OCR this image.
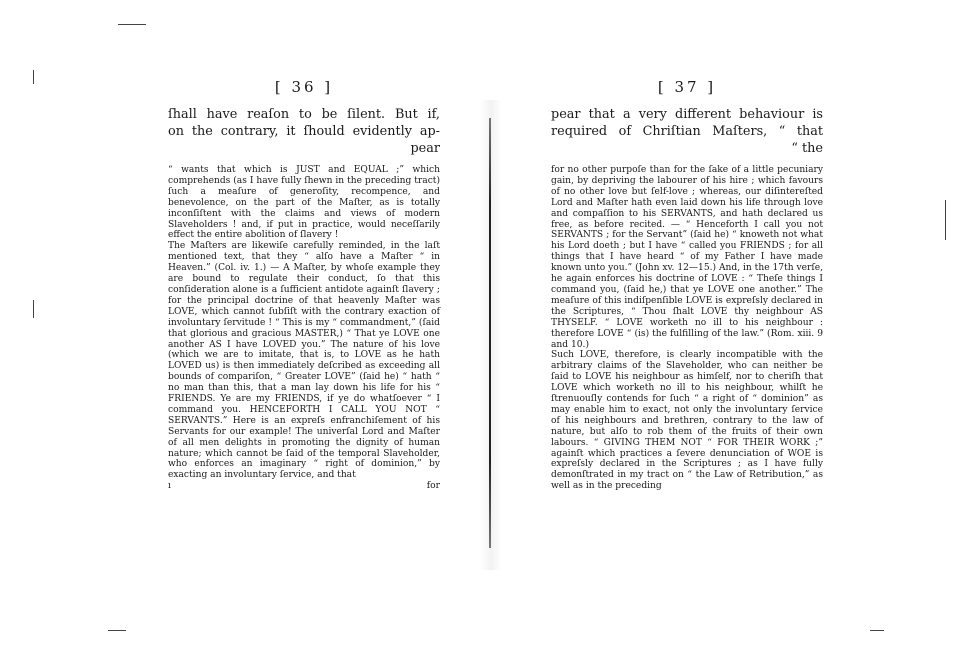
[ 36 ]

ſhall have reaſon to be ſilent. But if,

on the contrary, it ſhould evidently ap-

pear

“ wants that which is JUST and EQUAL ;” which comprehends (as I have fully ſhewn in the preceding tract) ſuch a meaſure of generoſity, recompence, and benevolence, on the part of the Maſter, as is totally inconſiſtent with the claims and views of modern Slaveholders ! and, if put in practice, would neceſſarily effect the entire abolition of ſlavery !

The Maſters are likewiſe carefully reminded, in the laſt mentioned text, that they “ alſo have a Maſter “ in Heaven.” (Col. iv. 1.) — A Maſter, by whoſe example they are bound to regulate their conduct, ſo that this conſideration alone is a ſufficient antidote againſt ſlavery ; for the principal doctrine of that heavenly Maſter was LOVE, which cannot ſubſiſt with the contrary exaction of involuntary ſervitude ! “ This is my “ commandment,” (ſaid that glorious and gracious MASTER,) “ That ye LOVE one another AS I have LOVED you.” The nature of his love (which we are to imitate, that is, to LOVE as he hath LOVED us) is then immediately deſcribed as exceeding all bounds of compariſon, “ Greater LOVE” (ſaid he) “ hath “ no man than this, that a man lay down his life for his “ FRIENDS. Ye are my FRIENDS, if ye do whatſoever “ I command you. HENCEFORTH I CALL YOU NOT “ SERVANTS.” Here is an expreſs enfranchiſement of his Servants for our example! The univerſal Lord and Maſter of all men delights in promoting the dignity of human nature; which cannot be ſaid of the temporal Slaveholder, who enforces an imaginary “ right of dominion,” by exacting an involuntary ſervice, and that

ı	for

[ 37 ]

pear that a very different behaviour is

required of Chriſtian Maſters, “ that

“ the

for no other purpoſe than for the ſake of a little pecuniary gain, by depriving the labourer of his hire ; which favours of no other love but ſelf-love ; whereas, our diſintereſted Lord and Maſter hath even laid down his life through love and compaſſion to his SERVANTS, and hath declared us free, as before recited. — “ Henceforth I call you not SERVANTS ; for the Servant” (ſaid he) “ knoweth not what his Lord doeth ; but I have “ called you FRIENDS ; for all things that I have heard “ of my Father I have made known unto you.” (John xv. 12—15.) And, in the 17th verſe, he again enforces his doctrine of LOVE : “ Theſe things I command you, (ſaid he,) that ye LOVE one another.” The meaſure of this indiſpenſible LOVE is expreſsly declared in the Scriptures, “ Thou ſhalt LOVE thy neighbour AS THYSELF. “ LOVE worketh no ill to his neighbour : therefore LOVE “ (is) the fulfilling of the law.” (Rom. xiii. 9 and 10.)

Such LOVE, therefore, is clearly incompatible with the arbitrary claims of the Slaveholder, who can neither be ſaid to LOVE his neighbour as himſelf, nor to cheriſh that LOVE which worketh no ill to his neighbour, whilſt he ſtrenuouſly contends for ſuch “ a right of “ dominion” as may enable him to exact, not only the involuntary ſervice of his neighbours and brethren, contrary to the law of nature, but alſo to rob them of the fruits of their own labours. “ GIVING THEM NOT “ FOR THEIR WORK ;” againſt which practices a ſevere denunciation of WOE is expreſsly declared in the Scriptures ; as I have fully demonſtrated in my tract on “ the Law of Retribution,” as well as in the preceding
